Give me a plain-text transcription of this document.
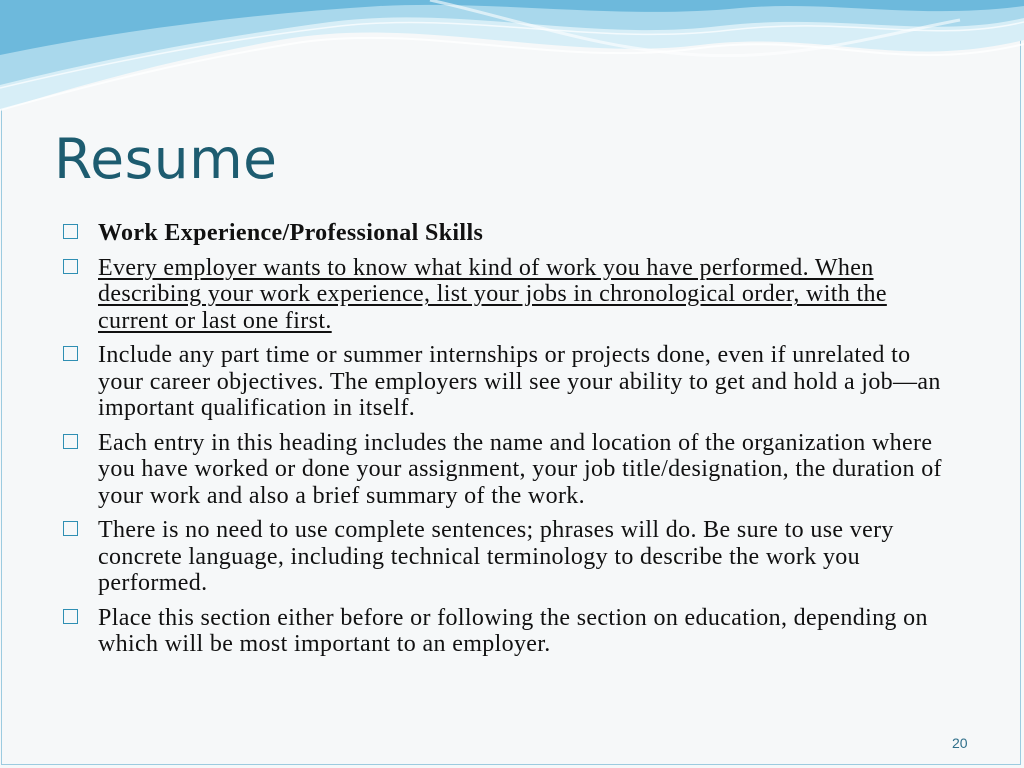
Resume
Work Experience/Professional Skills
Every employer wants to know what kind of work you have performed. When describing your work experience, list your jobs in chronological order, with the current or last one first.
Include any part time or summer internships or projects done, even if unrelated to your career objectives. The employers will see your ability to get and hold a job—an important qualification in itself.
Each entry in this heading includes the name and location of the organization where you have worked or done your assignment, your job title/designation, the duration of your work and also a brief summary of the work.
There is no need to use complete sentences; phrases will do. Be sure to use very concrete language, including technical terminology to describe the work you performed.
Place this section either before or following the section on education, depending on which will be most important to an employer.
20
